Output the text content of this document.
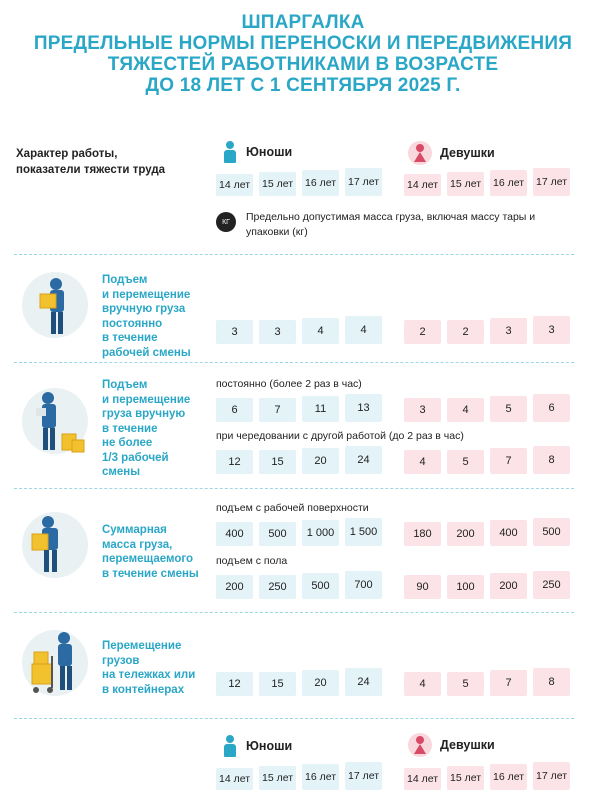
ШПАРГАЛКА
ПРЕДЕЛЬНЫЕ НОРМЫ ПЕРЕНОСКИ И ПЕРЕДВИЖЕНИЯ
ТЯЖЕСТЕЙ РАБОТНИКАМИ В ВОЗРАСТЕ
ДО 18 ЛЕТ С 1 СЕНТЯБРЯ 2025 Г.
Характер работы,
показатели тяжести труда
Юноши	Девушки
14 лет 15 лет 16 лет 17 лет	14 лет 15 лет 16 лет 17 лет
КГ	Предельно допустимая масса груза, включая массу тары и упаковки (кг)
Подъем
и перемещение
вручную груза
постоянно
в течение
рабочей смены
3	3	4	4	2	2	3	3
Подъем
и перемещение
груза вручную
в течение
не более
1/3 рабочей
смены
постоянно (более 2 раз в час)
6	7	11	13	3	4	5	6
при чередовании с другой работой (до 2 раз в час)
12	15	20	24	4	5	7	8
Суммарная
масса груза,
перемещаемого
в течение смены
подъем с рабочей поверхности
400	500	1 000	1 500	180	200	400	500
подъем с пола
200	250	500	700	90	100	200	250
Перемещение
грузов
на тележках или
в контейнерах	12	15	20	24	4	5	7	8
Юноши	Девушки
14 лет 15 лет 16 лет 17 лет	14 лет 15 лет 16 лет 17 лет
